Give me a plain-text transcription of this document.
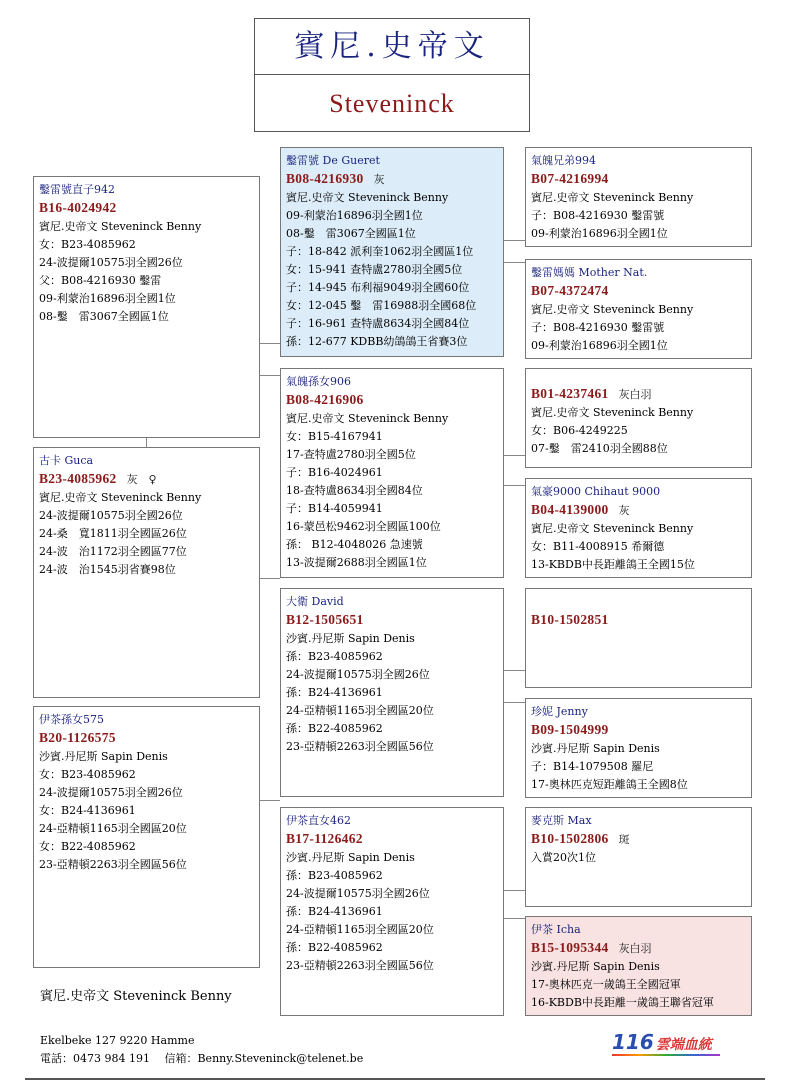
賓尼.史帝文
Steveninck
鑿雷號直子942
B16-4024942
賓尼.史帝文 Steveninck Benny
女：B23-4085962
24-波提爾10575羽全國26位
父：B08-4216930 鑿雷
09-利蒙治16896羽全國1位
08-鑿　雷3067全國區1位
古卡 Guca
B23-4085962 灰　♀
賓尼.史帝文 Steveninck Benny
24-波提爾10575羽全國26位
24-桑　寬1811羽全國區26位
24-波　治1172羽全國區77位
24-波　治1545羽省賽98位
伊茶孫女575
B20-1126575
沙賓.丹尼斯 Sapin Denis
女：B23-4085962
24-波提爾10575羽全國26位
女：B24-4136961
24-亞精頓1165羽全國區20位
女：B22-4085962
23-亞精頓2263羽全國區56位
鑿雷號 De Gueret
B08-4216930 灰
賓尼.史帝文 Steveninck Benny
09-利蒙治16896羽全國1位
08-鑿　雷3067全國區1位
子：18-842 派利奎1062羽全國區1位
女：15-941 查特盧2780羽全國5位
子：14-945 布利福9049羽全國60位
女：12-045 鑿　雷16988羽全國68位
子：16-961 查特盧8634羽全國84位
孫：12-677 KDBB幼鴿鴿王省賽3位
氣魄孫女906
B08-4216906
賓尼.史帝文 Steveninck Benny
女：B15-4167941
17-查特盧2780羽全國5位
子：B16-4024961
18-查特盧8634羽全國84位
子：B14-4059941
16-蒙邑松9462羽全國區100位
孫： B12-4048026 急速號
13-波提爾2688羽全國區1位
大衛 David
B12-1505651
沙賓.丹尼斯 Sapin Denis
孫：B23-4085962
24-波提爾10575羽全國26位
孫：B24-4136961
24-亞精頓1165羽全國區20位
孫：B22-4085962
23-亞精頓2263羽全國區56位
伊茶直女462
B17-1126462
沙賓.丹尼斯 Sapin Denis
孫：B23-4085962
24-波提爾10575羽全國26位
孫：B24-4136961
24-亞精頓1165羽全國區20位
孫：B22-4085962
23-亞精頓2263羽全國區56位
氣魄兄弟994
B07-4216994
賓尼.史帝文 Steveninck Benny
子：B08-4216930 鑿雷號
09-利蒙治16896羽全國1位
鑿雷媽媽 Mother Nat.
B07-4372474
賓尼.史帝文 Steveninck Benny
子：B08-4216930 鑿雷號
09-利蒙治16896羽全國1位
B01-4237461 灰白羽
賓尼.史帝文 Steveninck Benny
女：B06-4249225
07-鑿　雷2410羽全國88位
氣豪9000 Chihaut 9000
B04-4139000 灰
賓尼.史帝文 Steveninck Benny
女：B11-4008915 希爾德
13-KBDB中長距離鴿王全國15位
B10-1502851
珍妮 Jenny
B09-1504999
沙賓.丹尼斯 Sapin Denis
子：B14-1079508 羅尼
17-奧林匹克短距離鴿王全國8位
麥克斯 Max
B10-1502806 斑
入賞20次1位
伊茶 Icha
B15-1095344 灰白羽
沙賓.丹尼斯 Sapin Denis
17-奧林匹克一歲鴿王全國冠軍
16-KBDB中長距離一歲鴿王聯省冠軍
賓尼.史帝文 Steveninck Benny
Ekelbeke 127 9220 Hamme
電話：0473 984 191　 信箱：Benny.Steveninck@telenet.be
116 雲端血統
